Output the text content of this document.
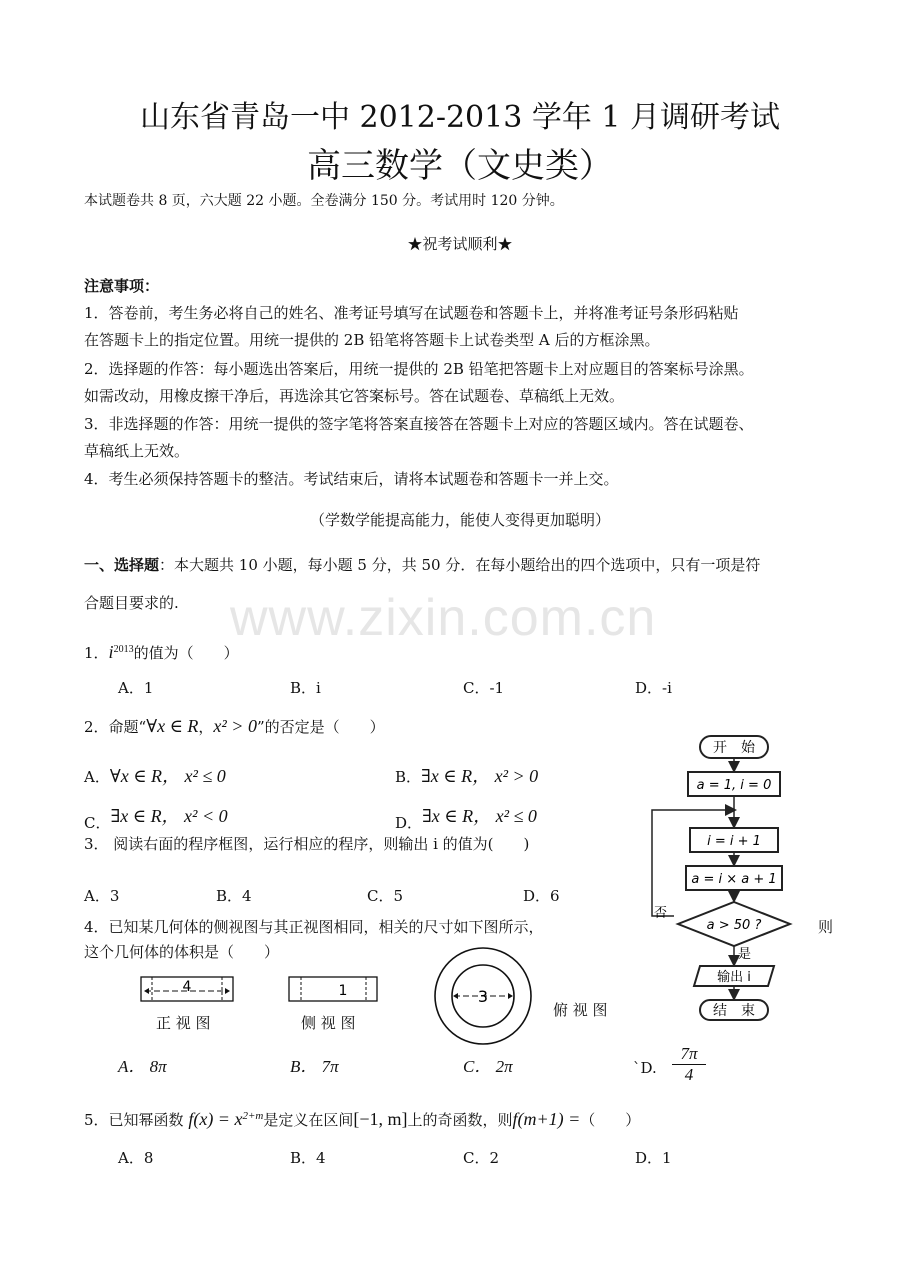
www.zixin.com.cn
山东省青岛一中 2012-2013 学年 1 月调研考试
高三数学（文史类）
本试题卷共 8 页，六大题 22 小题。全卷满分 150 分。考试用时 120 分钟。
★祝考试顺利★
注意事项：
1．答卷前，考生务必将自己的姓名、准考证号填写在试题卷和答题卡上，并将准考证号条形码粘贴
在答题卡上的指定位置。用统一提供的 2B 铅笔将答题卡上试卷类型 A 后的方框涂黑。
2．选择题的作答：每小题选出答案后，用统一提供的 2B 铅笔把答题卡上对应题目的答案标号涂黑。
如需改动，用橡皮擦干净后，再选涂其它答案标号。答在试题卷、草稿纸上无效。
3．非选择题的作答：用统一提供的签字笔将答案直接答在答题卡上对应的答题区域内。答在试题卷、
草稿纸上无效。
4．考生必须保持答题卡的整洁。考试结束后，请将本试题卷和答题卡一并上交。
（学数学能提高能力，能使人变得更加聪明）
一、选择题：本大题共 10 小题，每小题 5 分，共 50 分．在每小题给出的四个选项中，只有一项是符
合题目要求的.
1．$i^{2013}$的值为（　　）
A．1	B．i	C．-1	D．-i
2．命题“∀x ∈ R，x² > 0”的否定是（　　）
A．∀x ∈ R， x² ≤ 0	B．∃x ∈ R， x² > 0
C．∃x ∈ R， x² < 0	D．∃x ∈ R， x² ≤ 0
3． 阅读右面的程序框图，运行相应的程序，则输出 i 的值为(　　)
A．3	B．4	C．5	D．6
4．已知某几何体的侧视图与其正视图相同，相关的尺寸如下图所示，	则
这个几何体的体积是（　　）
4
正 视 图
1
侧 视 图
3
俯 视 图
A． 8π	B． 7π	C． 2π	`D. $\frac{7\pi}{4}$
5．已知幂函数 $f(x) = x^{2+m}$是定义在区间[−1, m]上的奇函数，则f(m+1) =（　　）
A．8	B．4	C．2	D．1
开　始
a = 1, i = 0
i = i + 1
a = i × a + 1
a > 50 ?
否
是
输出 i
结　束
